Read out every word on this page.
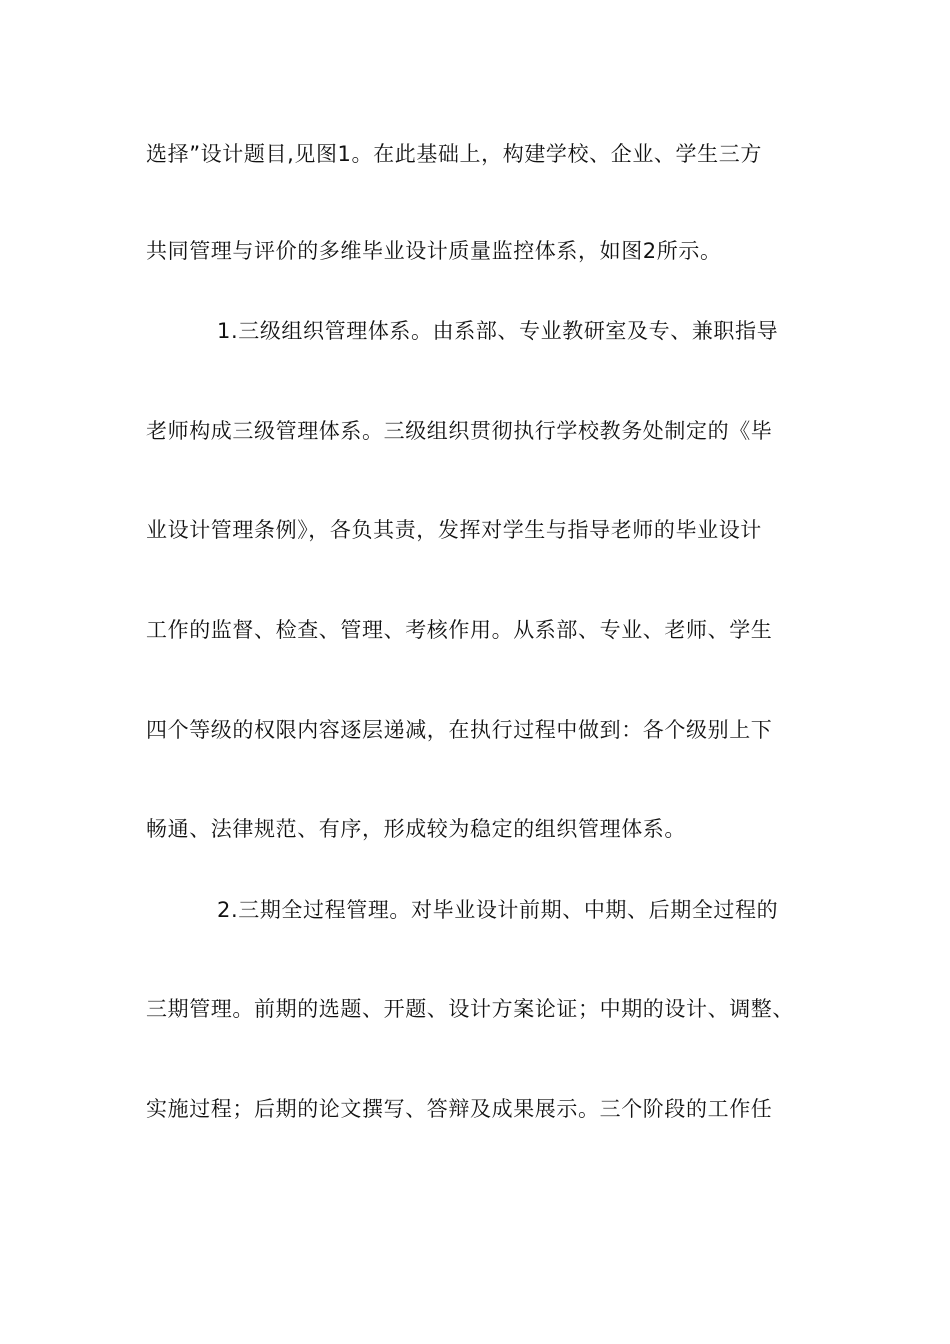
选择”设计题目,见图1。在此基础上，构建学校、企业、学生三方
共同管理与评价的多维毕业设计质量监控体系，如图2所示。
1.三级组织管理体系。由系部、专业教研室及专、兼职指导
老师构成三级管理体系。三级组织贯彻执行学校教务处制定的《毕
业设计管理条例》，各负其责，发挥对学生与指导老师的毕业设计
工作的监督、检查、管理、考核作用。从系部、专业、老师、学生
四个等级的权限内容逐层递减，在执行过程中做到：各个级别上下
畅通、法律规范、有序，形成较为稳定的组织管理体系。
2.三期全过程管理。对毕业设计前期、中期、后期全过程的
三期管理。前期的选题、开题、设计方案论证；中期的设计、调整、
实施过程；后期的论文撰写、答辩及成果展示。三个阶段的工作任
